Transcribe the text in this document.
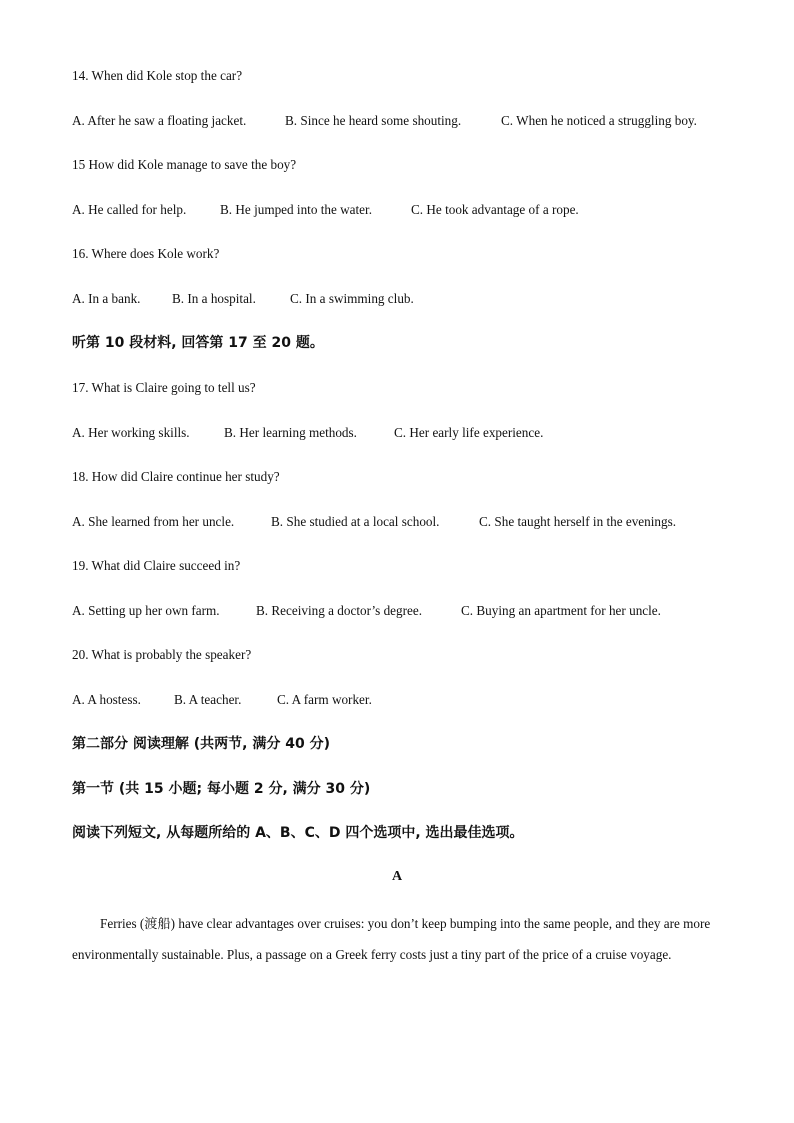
14. When did Kole stop the car?
A. After he saw a floating jacket.	B. Since he heard some shouting.	C. When he noticed a struggling boy.
15 How did Kole manage to save the boy?
A. He called for help.	B. He jumped into the water.	C. He took advantage of a rope.
16. Where does Kole work?
A. In a bank. B. In a hospital.	C. In a swimming club.
听第 10 段材料, 回答第 17 至 20 题。
17. What is Claire going to tell us?
A. Her working skills.	B. Her learning methods.	C. Her early life experience.
18. How did Claire continue her study?
A. She learned from her uncle.	B. She studied at a local school.	C. She taught herself in the evenings.
19. What did Claire succeed in?
A. Setting up her own farm.	B. Receiving a doctor’s degree.	C. Buying an apartment for her uncle.
20. What is probably the speaker?
A. A hostess.	B. A teacher.	C. A farm worker.
第二部分 阅读理解 (共两节, 满分 40 分)
第一节 (共 15 小题; 每小题 2 分, 满分 30 分)
阅读下列短文, 从每题所给的 A、B、C、D 四个选项中, 选出最佳选项。
A
Ferries (渡船) have clear advantages over cruises: you don’t keep bumping into the same people, and they are more environmentally sustainable. Plus, a passage on a Greek ferry costs just a tiny part of the price of a cruise voyage.
